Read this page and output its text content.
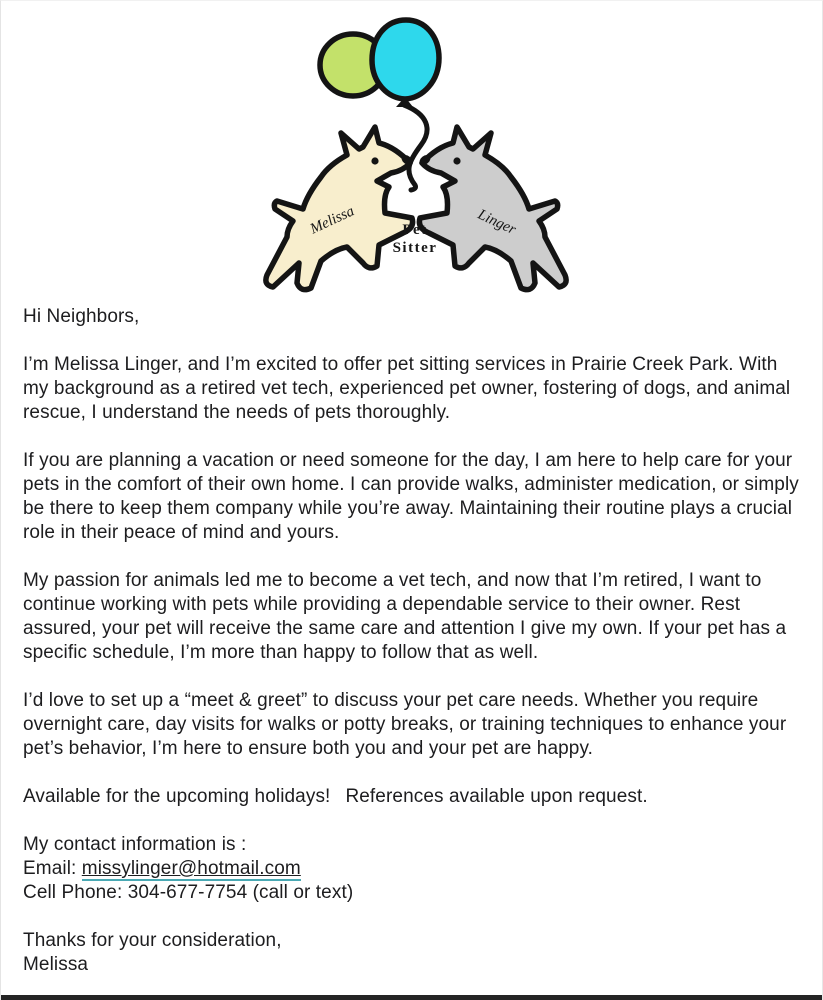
Melissa	Linger
Pet
Sitter

Hi Neighbors,

I’m Melissa Linger, and I’m excited to offer pet sitting services in Prairie Creek Park. With my background as a retired vet tech, experienced pet owner, fostering of dogs, and animal rescue, I understand the needs of pets thoroughly.

If you are planning a vacation or need someone for the day, I am here to help care for your pets in the comfort of their own home. I can provide walks, administer medication, or simply be there to keep them company while you’re away. Maintaining their routine plays a crucial role in their peace of mind and yours.

My passion for animals led me to become a vet tech, and now that I’m retired, I want to continue working with pets while providing a dependable service to their owner. Rest assured, your pet will receive the same care and attention I give my own. If your pet has a specific schedule, I’m more than happy to follow that as well.

I’d love to set up a “meet & greet” to discuss your pet care needs. Whether you require overnight care, day visits for walks or potty breaks, or training techniques to enhance your pet’s behavior, I’m here to ensure both you and your pet are happy.

Available for the upcoming holidays! References available upon request.

My contact information is :

Email: missylinger@hotmail.com

Cell Phone: 304-677-7754 (call or text)

Thanks for your consideration,

Melissa
